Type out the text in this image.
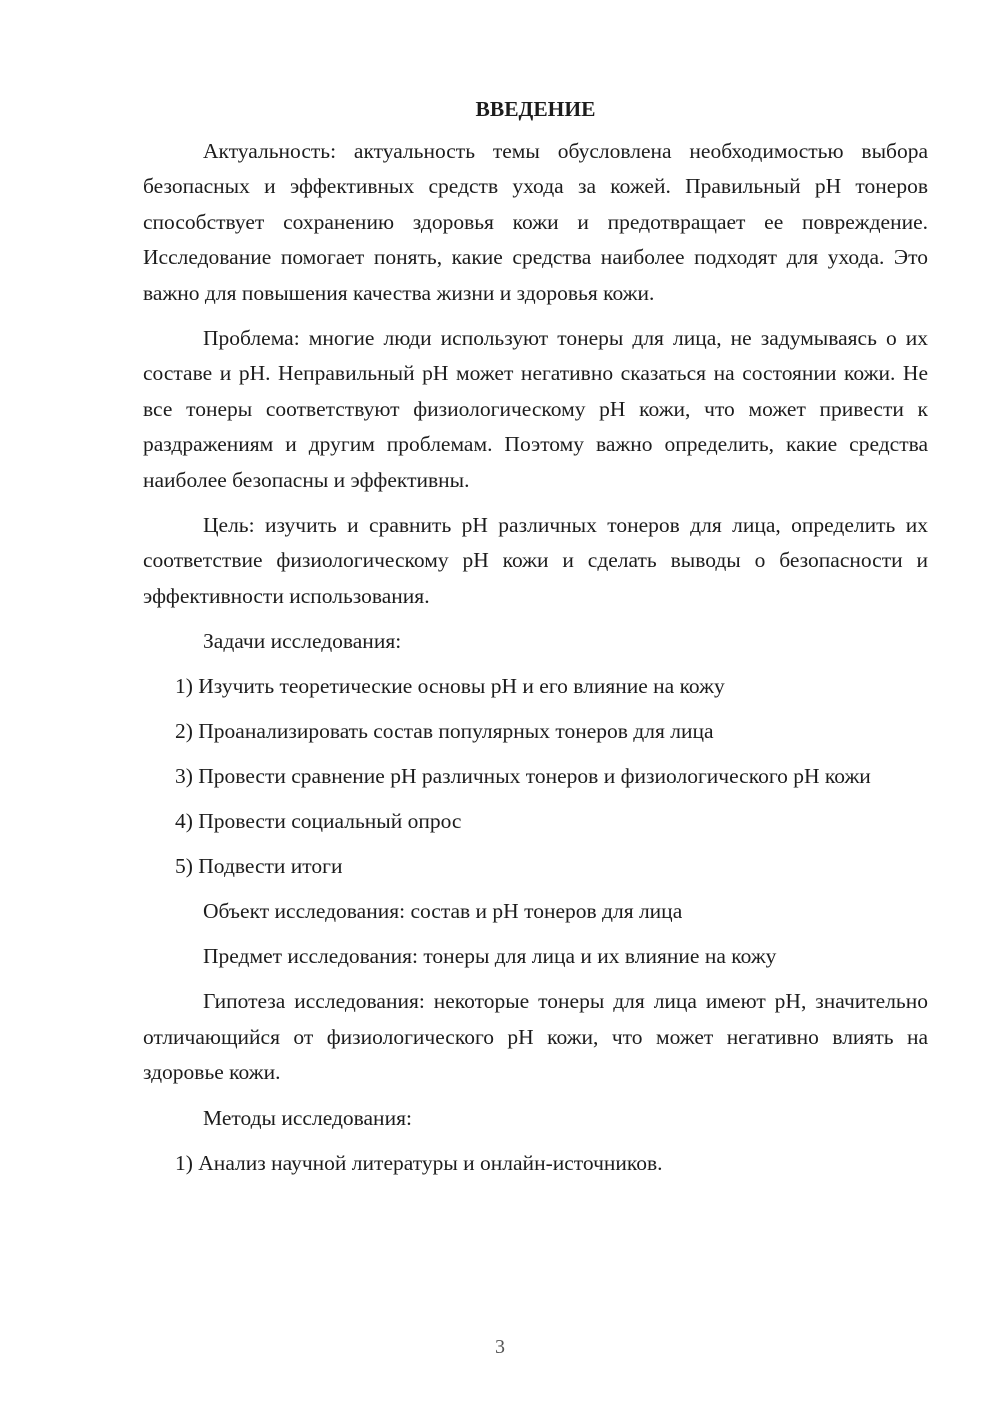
ВВЕДЕНИЕ

Актуальность: актуальность темы обусловлена необходимостью выбора безопасных и эффективных средств ухода за кожей. Правильный pH тонеров способствует сохранению здоровья кожи и предотвращает ее повреждение. Исследование помогает понять, какие средства наиболее подходят для ухода. Это важно для повышения качества жизни и здоровья кожи.

Проблема: многие люди используют тонеры для лица, не задумываясь о их составе и pH. Неправильный pH может негативно сказаться на состоянии кожи. Не все тонеры соответствуют физиологическому pH кожи, что может привести к раздражениям и другим проблемам. Поэтому важно определить, какие средства наиболее безопасны и эффективны.

Цель: изучить и сравнить pH различных тонеров для лица, определить их соответствие физиологическому pH кожи и сделать выводы о безопасности и эффективности использования.

Задачи исследования:

1) Изучить теоретические основы pH и его влияние на кожу

2) Проанализировать состав популярных тонеров для лица

3) Провести сравнение pH различных тонеров и физиологического pH кожи

4) Провести социальный опрос

5) Подвести итоги

Объект исследования: состав и pH тонеров для лица
Предмет исследования: тонеры для лица и их влияние на кожу

Гипотеза исследования: некоторые тонеры для лица имеют pH, значительно отличающийся от физиологического pH кожи, что может негативно влиять на здоровье кожи.

Методы исследования:

1) Анализ научной литературы и онлайн-источников.

3
